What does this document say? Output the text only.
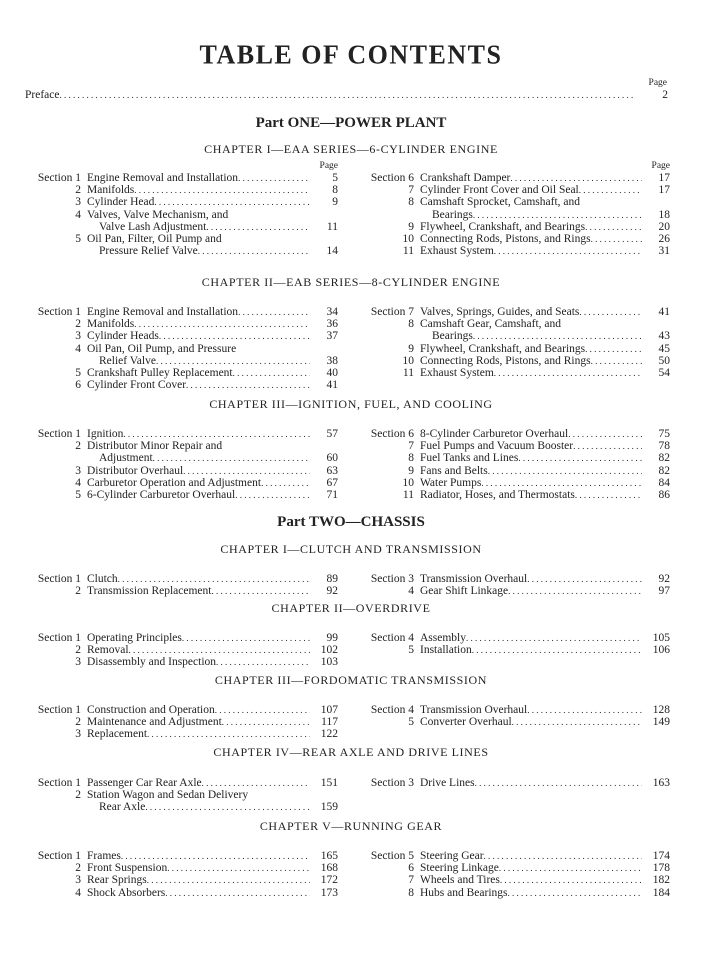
TABLE OF CONTENTS
Page
Preface . . .	2
Part ONE—POWER PLANT
CHAPTER I—EAA SERIES—6-CYLINDER ENGINE
Page
Section 1 Engine Removal and Installation . . .	5
2 Manifolds . . .	8
3 Cylinder Head . . .	9
4 Valves, Valve Mechanism, and
Valve Lash Adjustment . . .	11
5 Oil Pan, Filter, Oil Pump and
Pressure Relief Valve . . .	14
Page
Section 6 Crankshaft Damper . . .	17
7 Cylinder Front Cover and Oil Seal . . .	17
8 Camshaft Sprocket, Camshaft, and
Bearings . . .	18
9 Flywheel, Crankshaft, and Bearings . . .	20
10 Connecting Rods, Pistons, and Rings . . .	26
11 Exhaust System . . .	31
CHAPTER II—EAB SERIES—8-CYLINDER ENGINE
Section 1 Engine Removal and Installation . . .	34
2 Manifolds . . .	36
3 Cylinder Heads . . .	37
4 Oil Pan, Oil Pump, and Pressure
Relief Valve . . .	38
5 Crankshaft Pulley Replacement . . .	40
6 Cylinder Front Cover . . .	41
Section 7 Valves, Springs, Guides, and Seats . . .	41
8 Camshaft Gear, Camshaft, and
Bearings . . .	43
9 Flywheel, Crankshaft, and Bearings . . .	45
10 Connecting Rods, Pistons, and Rings . . .	50
11 Exhaust System . . .	54
CHAPTER III—IGNITION, FUEL, AND COOLING
Section 1 Ignition . . .	57
2 Distributor Minor Repair and
Adjustment . . .	60
3 Distributor Overhaul . . .	63
4 Carburetor Operation and Adjustment . . .	67
5 6-Cylinder Carburetor Overhaul . . .	71
Section 6 8-Cylinder Carburetor Overhaul . . .	75
7 Fuel Pumps and Vacuum Booster . . .	78
8 Fuel Tanks and Lines . . .	82
9 Fans and Belts . . .	82
10 Water Pumps . . .	84
11 Radiator, Hoses, and Thermostats . . .	86
Part TWO—CHASSIS
CHAPTER I—CLUTCH AND TRANSMISSION
Section 1 Clutch . . .	89
2 Transmission Replacement . . .	92
Section 3 Transmission Overhaul . . .	92
4 Gear Shift Linkage . . .	97
CHAPTER II—OVERDRIVE
Section 1 Operating Principles . . .	99
2 Removal . . .	102
3 Disassembly and Inspection . . .	103
Section 4 Assembly . . .	105
5 Installation . . .	106
CHAPTER III—FORDOMATIC TRANSMISSION
Section 1 Construction and Operation . . .	107
2 Maintenance and Adjustment . . .	117
3 Replacement . . .	122
Section 4 Transmission Overhaul . . .	128
5 Converter Overhaul . . .	149
CHAPTER IV—REAR AXLE AND DRIVE LINES
Section 1 Passenger Car Rear Axle . . .	151
2 Station Wagon and Sedan Delivery
Rear Axle . . .	159
Section 3 Drive Lines . . .	163
CHAPTER V—RUNNING GEAR
Section 1 Frames . . .	165
2 Front Suspension . . .	168
3 Rear Springs . . .	172
4 Shock Absorbers . . .	173
Section 5 Steering Gear . . .	174
6 Steering Linkage . . .	178
7 Wheels and Tires . . .	182
8 Hubs and Bearings . . .	184
